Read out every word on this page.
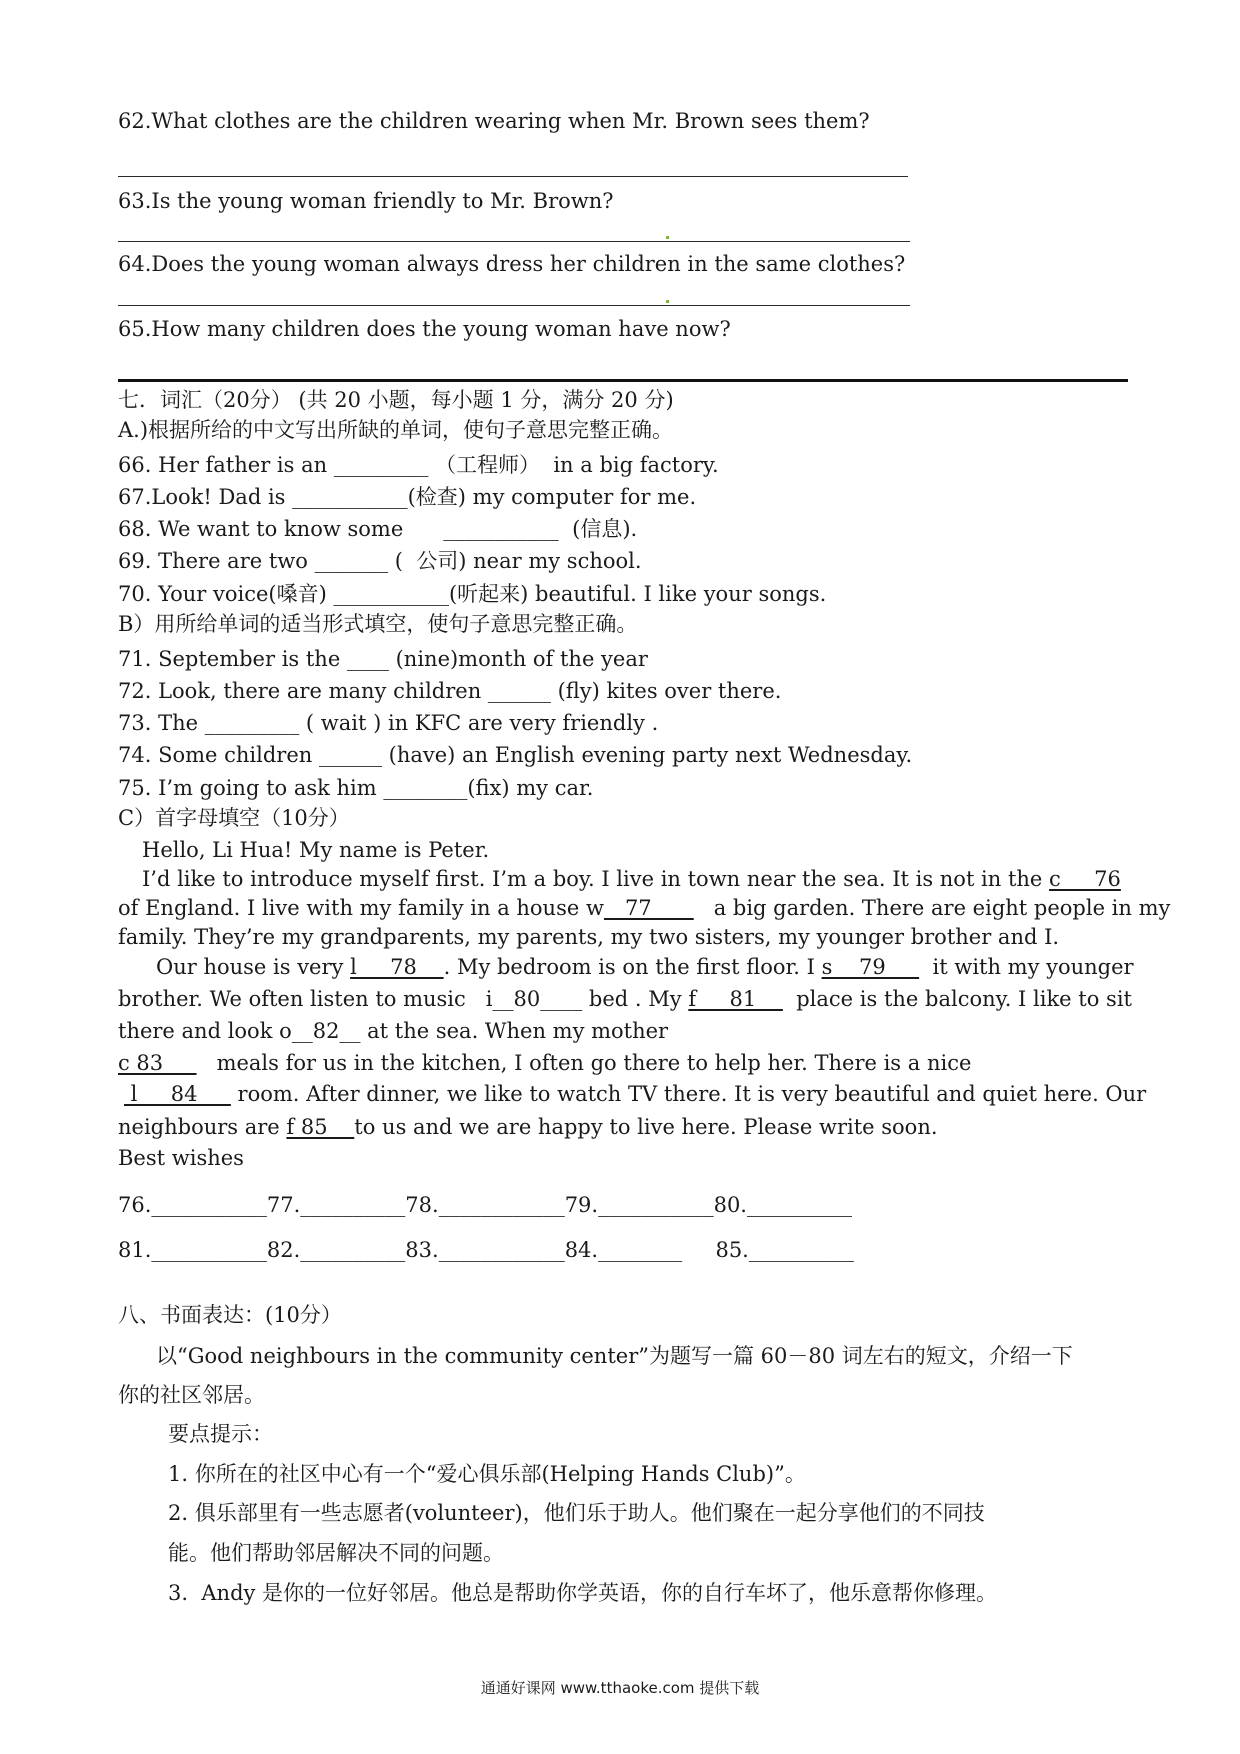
62.What clothes are the children wearing when Mr. Brown sees them?
63.Is the young woman friendly to Mr. Brown?
64.Does the young woman always dress her children in the same clothes?
65.How many children does the young woman have now?
七．词汇（20分） (共 20 小题，每小题 1 分，满分 20 分)
A.)根据所给的中文写出所缺的单词，使句子意思完整正确。
66. Her father is an _________ （工程师）  in a big factory.
67.Look! Dad is ___________(检查) my computer for me.
68. We want to know some      ___________  (信息).
69. There are two _______ (  公司) near my school.
70. Your voice(嗓音) ___________(听起来) beautiful. I like your songs.
B）用所给单词的适当形式填空，使句子意思完整正确。
71. September is the ____ (nine)month of the year
72. Look, there are many children ______ (fly) kites over there.
73. The _________ ( wait ) in KFC are very friendly .
74. Some children ______ (have) an English evening party next Wednesday.
75. I’m going to ask him ________(fix) my car.
C）首字母填空（10分）
Hello, Li Hua! My name is Peter.
I’d like to introduce myself first. I’m a boy. I live in town near the sea. It is not in the c     76
of England. I live with my family in a house w__77____   a big garden. There are eight people in my
family. They’re my grandparents, my parents, my two sisters, my younger brother and I.
Our house is very l     78    . My bedroom is on the first floor. I s    79       it with my younger
brother. We often listen to music   i__80____ bed . My f     81      place is the balcony. I like to sit
there and look o__82__ at the sea. When my mother
c 83        meals for us in the kitchen, I often go there to help her. There is a nice
l     84      room. After dinner, we like to watch TV there. It is very beautiful and quiet here. Our
neighbours are f 85    to us and we are happy to live here. Please write soon.
Best wishes
76.___________77.__________78.____________79.___________80.__________
81.___________82.__________83.____________84.________     85.__________
八、书面表达：(10分）
以“Good neighbours in the community center”为题写一篇 60－80 词左右的短文，介绍一下
你的社区邻居。
要点提示：
1. 你所在的社区中心有一个“爱心俱乐部(Helping Hands Club)”。
2. 俱乐部里有一些志愿者(volunteer)，他们乐于助人。他们聚在一起分享他们的不同技
能。他们帮助邻居解决不同的问题。
3.  Andy 是你的一位好邻居。他总是帮助你学英语，你的自行车坏了，他乐意帮你修理。
通通好课网 www.tthaoke.com 提供下载
